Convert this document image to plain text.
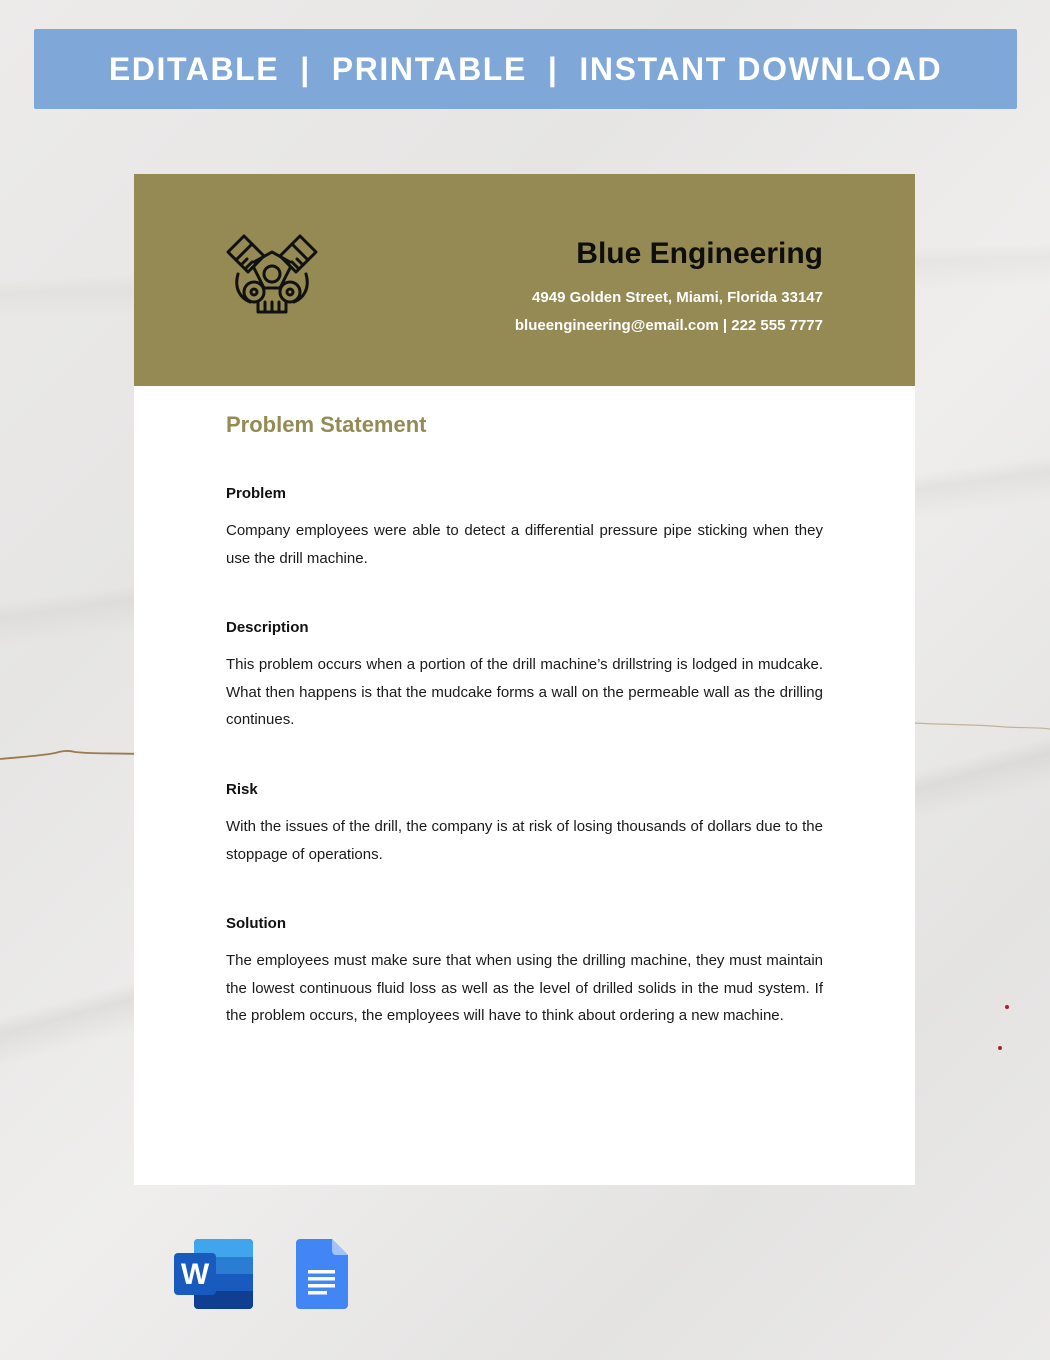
EDITABLE  |  PRINTABLE  |  INSTANT DOWNLOAD
Blue Engineering
4949 Golden Street, Miami, Florida 33147
blueengineering@email.com | 222 555 7777
Problem Statement
Problem

Company employees were able to detect a differential pressure pipe sticking when they use the drill machine.

Description

This problem occurs when a portion of the drill machine’s drillstring is lodged in mudcake. What then happens is that the mudcake forms a wall on the permeable wall as the drilling continues.

Risk

With the issues of the drill, the company is at risk of losing thousands of dollars due to the stoppage of operations.

Solution

The employees must make sure that when using the drilling machine, they must maintain the lowest continuous fluid loss as well as the level of drilled solids in the mud system. If the problem occurs, the employees will have to think about ordering a new machine.

W
